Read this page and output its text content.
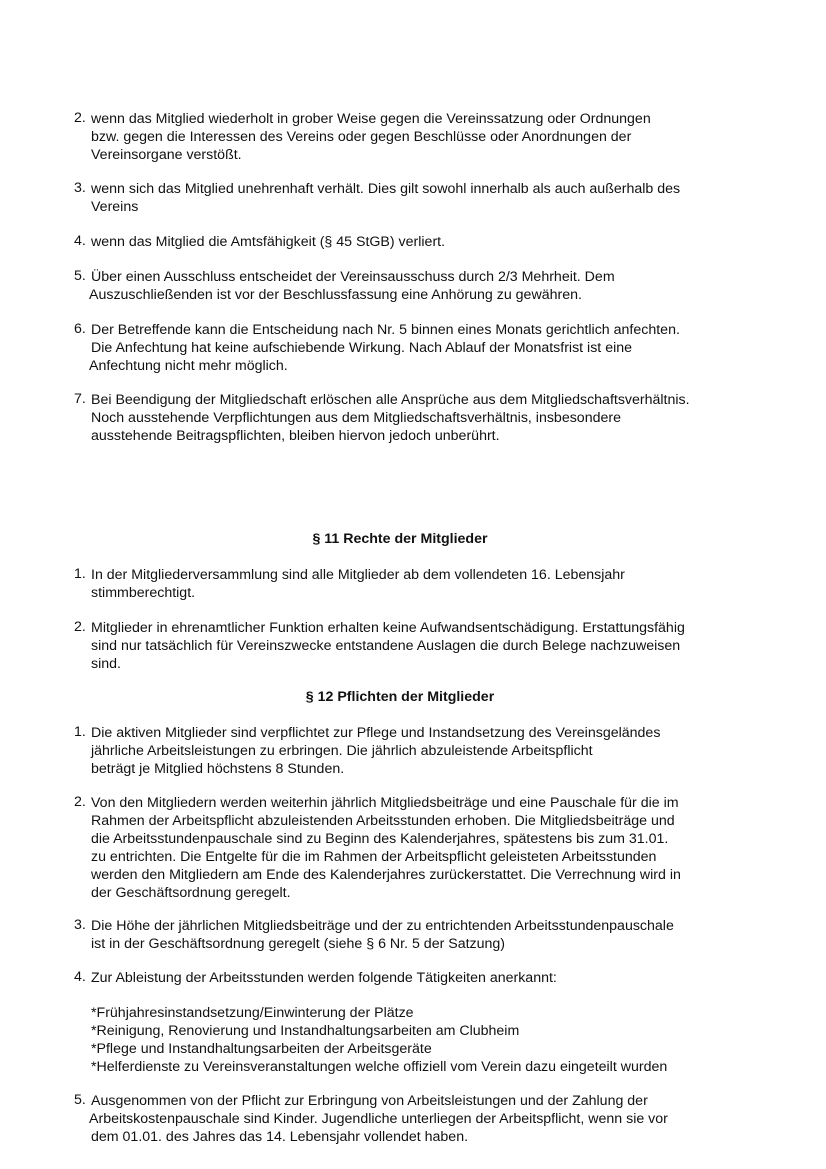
2. wenn das Mitglied wiederholt in grober Weise gegen die Vereinssatzung oder Ordnungen
bzw. gegen die Interessen des Vereins oder gegen Beschlüsse oder Anordnungen der
Vereinsorgane verstößt.
3. wenn sich das Mitglied unehrenhaft verhält. Dies gilt sowohl innerhalb als auch außerhalb des
Vereins
4. wenn das Mitglied die Amtsfähigkeit (§ 45 StGB) verliert.
5. Über einen Ausschluss entscheidet der Vereinsausschuss durch 2/3 Mehrheit. Dem
Auszuschließenden ist vor der Beschlussfassung eine Anhörung zu gewähren.
6. Der Betreffende kann die Entscheidung nach Nr. 5 binnen eines Monats gerichtlich anfechten.
Die Anfechtung hat keine aufschiebende Wirkung. Nach Ablauf der Monatsfrist ist eine
Anfechtung nicht mehr möglich.
7. Bei Beendigung der Mitgliedschaft erlöschen alle Ansprüche aus dem Mitgliedschaftsverhältnis.
Noch ausstehende Verpflichtungen aus dem Mitgliedschaftsverhältnis, insbesondere
ausstehende Beitragspflichten, bleiben hiervon jedoch unberührt.
§ 11 Rechte der Mitglieder
1. In der Mitgliederversammlung sind alle Mitglieder ab dem vollendeten 16. Lebensjahr
stimmberechtigt.
2. Mitglieder in ehrenamtlicher Funktion erhalten keine Aufwandsentschädigung. Erstattungsfähig
sind nur tatsächlich für Vereinszwecke entstandene Auslagen die durch Belege nachzuweisen
sind.
§ 12 Pflichten der Mitglieder
1. Die aktiven Mitglieder sind verpflichtet zur Pflege und Instandsetzung des Vereinsgeländes
jährliche Arbeitsleistungen zu erbringen. Die jährlich abzuleistende Arbeitspflicht
beträgt je Mitglied höchstens 8 Stunden.
2. Von den Mitgliedern werden weiterhin jährlich Mitgliedsbeiträge und eine Pauschale für die im
Rahmen der Arbeitspflicht abzuleistenden Arbeitsstunden erhoben. Die Mitgliedsbeiträge und
die Arbeitsstundenpauschale sind zu Beginn des Kalenderjahres, spätestens bis zum 31.01.
zu entrichten. Die Entgelte für die im Rahmen der Arbeitspflicht geleisteten Arbeitsstunden
werden den Mitgliedern am Ende des Kalenderjahres zurückerstattet. Die Verrechnung wird in
der Geschäftsordnung geregelt.
3. Die Höhe der jährlichen Mitgliedsbeiträge und der zu entrichtenden Arbeitsstundenpauschale
ist in der Geschäftsordnung geregelt (siehe § 6 Nr. 5 der Satzung)
4. Zur Ableistung der Arbeitsstunden werden folgende Tätigkeiten anerkannt:
*Frühjahresinstandsetzung/Einwinterung der Plätze
*Reinigung, Renovierung und Instandhaltungsarbeiten am Clubheim
*Pflege und Instandhaltungsarbeiten der Arbeitsgeräte
*Helferdienste zu Vereinsveranstaltungen welche offiziell vom Verein dazu eingeteilt wurden
5. Ausgenommen von der Pflicht zur Erbringung von Arbeitsleistungen und der Zahlung der
Arbeitskostenpauschale sind Kinder. Jugendliche unterliegen der Arbeitspflicht, wenn sie vor
dem 01.01. des Jahres das 14. Lebensjahr vollendet haben.
